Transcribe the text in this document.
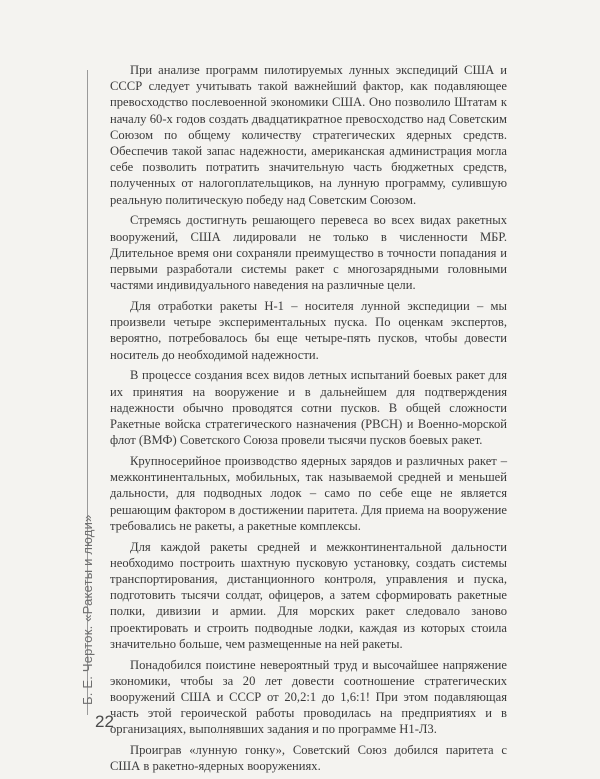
При анализе программ пилотируемых лунных экспедиций США и СССР следует учитывать такой важнейший фактор, как подавляющее превосходство послевоенной экономики США. Оно позволило Штатам к началу 60-х годов создать двадцатикратное превосходство над Советским Союзом по общему количеству стратегических ядерных средств. Обеспечив такой запас надежности, американская администрация могла себе позволить потратить значительную часть бюджетных средств, полученных от налогоплательщиков, на лунную программу, сулившую реальную политическую победу над Советским Союзом.

Стремясь достигнуть решающего перевеса во всех видах ракетных вооружений, США лидировали не только в численности МБР. Длительное время они сохраняли преимущество в точности попадания и первыми разработали системы ракет с многозарядными головными частями индивидуального наведения на различные цели.

Для отработки ракеты Н-1 – носителя лунной экспедиции – мы произвели четыре экспериментальных пуска. По оценкам экспертов, вероятно, потребовалось бы еще четыре-пять пусков, чтобы довести носитель до необходимой надежности.

В процессе создания всех видов летных испытаний боевых ракет для их принятия на вооружение и в дальнейшем для подтверждения надежности обычно проводятся сотни пусков. В общей сложности Ракетные войска стратегического назначения (РВСН) и Военно-морской флот (ВМФ) Советского Союза провели тысячи пусков боевых ракет.

Крупносерийное производство ядерных зарядов и различных ракет – межконтинентальных, мобильных, так называемой средней и меньшей дальности, для подводных лодок – само по себе еще не является решающим фактором в достижении паритета. Для приема на вооружение требовались не ракеты, а ракетные комплексы.

Для каждой ракеты средней и межконтинентальной дальности необходимо построить шахтную пусковую установку, создать системы транспортирования, дистанционного контроля, управления и пуска, подготовить тысячи солдат, офицеров, а затем сформировать ракетные полки, дивизии и армии. Для морских ракет следовало заново проектировать и строить подводные лодки, каждая из которых стоила значительно больше, чем размещенные на ней ракеты.

Понадобился поистине невероятный труд и высочайшее напряжение экономики, чтобы за 20 лет довести соотношение стратегических вооружений США и СССР от 20,2:1 до 1,6:1! При этом подавляющая часть этой героической работы проводилась на предприятиях и в организациях, выполнявших задания и по программе Н1-Л3.

Проиграв «лунную гонку», Советский Союз добился паритета с США в ракетно-ядерных вооружениях.

Б. Е. Черток. «Ракеты и люди»
22
